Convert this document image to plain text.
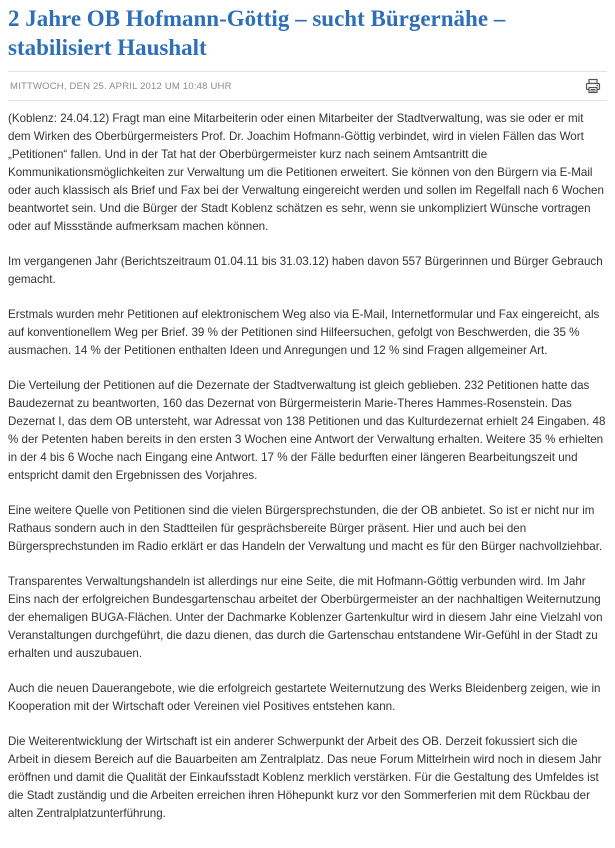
2 Jahre OB Hofmann-Göttig – sucht Bürgernähe – stabilisiert Haushalt
MITTWOCH, DEN 25. APRIL 2012 UM 10:48 UHR

(Koblenz: 24.04.12) Fragt man eine Mitarbeiterin oder einen Mitarbeiter der Stadtverwaltung, was sie oder er mit dem Wirken des Oberbürgermeisters Prof. Dr. Joachim Hofmann-Göttig verbindet, wird in vielen Fällen das Wort „Petitionen“ fallen. Und in der Tat hat der Oberbürgermeister kurz nach seinem Amtsantritt die Kommunikationsmöglichkeiten zur Verwaltung um die Petitionen erweitert. Sie können von den Bürgern via E-Mail oder auch klassisch als Brief und Fax bei der Verwaltung eingereicht werden und sollen im Regelfall nach 6 Wochen beantwortet sein. Und die Bürger der Stadt Koblenz schätzen es sehr, wenn sie unkompliziert Wünsche vortragen oder auf Missstände aufmerksam machen können.

Im vergangenen Jahr (Berichtszeitraum 01.04.11 bis 31.03.12) haben davon 557 Bürgerinnen und Bürger Gebrauch gemacht.

Erstmals wurden mehr Petitionen auf elektronischem Weg also via E-Mail, Internetformular und Fax eingereicht, als auf konventionellem Weg per Brief. 39 % der Petitionen sind Hilfeersuchen, gefolgt von Beschwerden, die 35 % ausmachen. 14 % der Petitionen enthalten Ideen und Anregungen und 12 % sind Fragen allgemeiner Art.

Die Verteilung der Petitionen auf die Dezernate der Stadtverwaltung ist gleich geblieben. 232 Petitionen hatte das Baudezernat zu beantworten, 160 das Dezernat von Bürgermeisterin Marie-Theres Hammes-Rosenstein. Das Dezernat I, das dem OB untersteht, war Adressat von 138 Petitionen und das Kulturdezernat erhielt 24 Eingaben. 48 % der Petenten haben bereits in den ersten 3 Wochen eine Antwort der Verwaltung erhalten. Weitere 35 % erhielten in der 4 bis 6 Woche nach Eingang eine Antwort. 17 % der Fälle bedurften einer längeren Bearbeitungszeit und entspricht damit den Ergebnissen des Vorjahres.

Eine weitere Quelle von Petitionen sind die vielen Bürgersprechstunden, die der OB anbietet. So ist er nicht nur im Rathaus sondern auch in den Stadtteilen für gesprächsbereite Bürger präsent. Hier und auch bei den Bürgersprechstunden im Radio erklärt er das Handeln der Verwaltung und macht es für den Bürger nachvollziehbar.

Transparentes Verwaltungshandeln ist allerdings nur eine Seite, die mit Hofmann-Göttig verbunden wird. Im Jahr Eins nach der erfolgreichen Bundesgartenschau arbeitet der Oberbürgermeister an der nachhaltigen Weiternutzung der ehemaligen BUGA-Flächen. Unter der Dachmarke Koblenzer Gartenkultur wird in diesem Jahr eine Vielzahl von Veranstaltungen durchgeführt, die dazu dienen, das durch die Gartenschau entstandene Wir-Gefühl in der Stadt zu erhalten und auszubauen.

Auch die neuen Dauerangebote, wie die erfolgreich gestartete Weiternutzung des Werks Bleidenberg zeigen, wie in Kooperation mit der Wirtschaft oder Vereinen viel Positives entstehen kann.

Die Weiterentwicklung der Wirtschaft ist ein anderer Schwerpunkt der Arbeit des OB. Derzeit fokussiert sich die Arbeit in diesem Bereich auf die Bauarbeiten am Zentralplatz. Das neue Forum Mittelrhein wird noch in diesem Jahr eröffnen und damit die Qualität der Einkaufsstadt Koblenz merklich verstärken. Für die Gestaltung des Umfeldes ist die Stadt zuständig und die Arbeiten erreichen ihren Höhepunkt kurz vor den Sommerferien mit dem Rückbau der alten Zentralplatzunterführung.
